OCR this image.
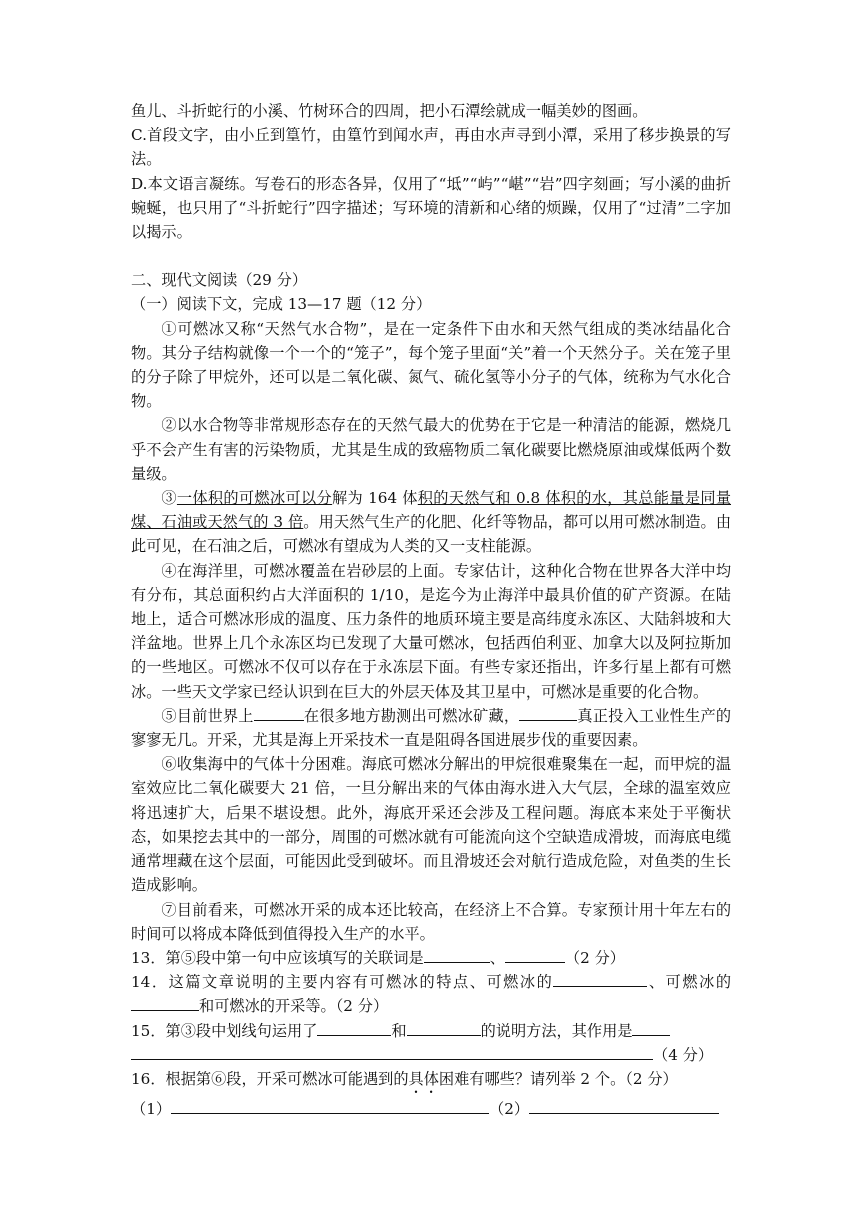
鱼儿、斗折蛇行的小溪、竹树环合的四周，把小石潭绘就成一幅美妙的图画。

C.首段文字，由小丘到篁竹，由篁竹到闻水声，再由水声寻到小潭，采用了移步换景的写法。

D.本文语言凝练。写卷石的形态各异，仅用了“坻”“屿”“嵁”“岩”四字刻画；写小溪的曲折蜿蜒，也只用了“斗折蛇行”四字描述；写环境的清新和心绪的烦躁，仅用了“过清”二字加以揭示。

二、现代文阅读（29 分）

（一）阅读下文，完成 13—17 题（12 分）

①可燃冰又称“天然气水合物”，是在一定条件下由水和天然气组成的类冰结晶化合物。其分子结构就像一个一个的“笼子”，每个笼子里面“关”着一个天然分子。关在笼子里的分子除了甲烷外，还可以是二氧化碳、氮气、硫化氢等小分子的气体，统称为气水化合物。

②以水合物等非常规形态存在的天然气最大的优势在于它是一种清洁的能源，燃烧几乎不会产生有害的污染物质，尤其是生成的致癌物质二氧化碳要比燃烧原油或煤低两个数量级。

③一体积的可燃冰可以分解为 164 体积的天然气和 0.8 体积的水，其总能量是同量煤、石油或天然气的 3 倍。用天然气生产的化肥、化纤等物品，都可以用可燃冰制造。由此可见，在石油之后，可燃冰有望成为人类的又一支柱能源。

④在海洋里，可燃冰覆盖在岩砂层的上面。专家估计，这种化合物在世界各大洋中均有分布，其总面积约占大洋面积的 1/10，是迄今为止海洋中最具价值的矿产资源。在陆地上，适合可燃冰形成的温度、压力条件的地质环境主要是高纬度永冻区、大陆斜坡和大洋盆地。世界上几个永冻区均已发现了大量可燃冰，包括西伯利亚、加拿大以及阿拉斯加的一些地区。可燃冰不仅可以存在于永冻层下面。有些专家还指出，许多行星上都有可燃冰。一些天文学家已经认识到在巨大的外层天体及其卫星中，可燃冰是重要的化合物。

⑤目前世界上	在很多地方勘测出可燃冰矿藏，	真正投入工业性生产的寥寥无几。开采，尤其是海上开采技术一直是阻碍各国进展步伐的重要因素。

⑥收集海中的气体十分困难。海底可燃冰分解出的甲烷很难聚集在一起，而甲烷的温室效应比二氧化碳要大 21 倍，一旦分解出来的气体由海水进入大气层，全球的温室效应将迅速扩大，后果不堪设想。此外，海底开采还会涉及工程问题。海底本来处于平衡状态，如果挖去其中的一部分，周围的可燃冰就有可能流向这个空缺造成滑坡，而海底电缆通常埋藏在这个层面，可能因此受到破坏。而且滑坡还会对航行造成危险，对鱼类的生长造成影响。

⑦目前看来，可燃冰开采的成本还比较高，在经济上不合算。专家预计用十年左右的时间可以将成本降低到值得投入生产的水平。

13．第⑤段中第一句中应该填写的关联词是	、	（2 分）

14．这篇文章说明的主要内容有可燃冰的特点、可燃冰的	、可燃冰的和可燃冰的开采等。（2 分）

15．第③段中划线句运用了	和	的说明方法，其作用是

（4 分）

16．根据第⑥段，开采可燃冰可能遇到的具体困难有哪些？请列举 2 个。（2 分）

（1）	（2）
